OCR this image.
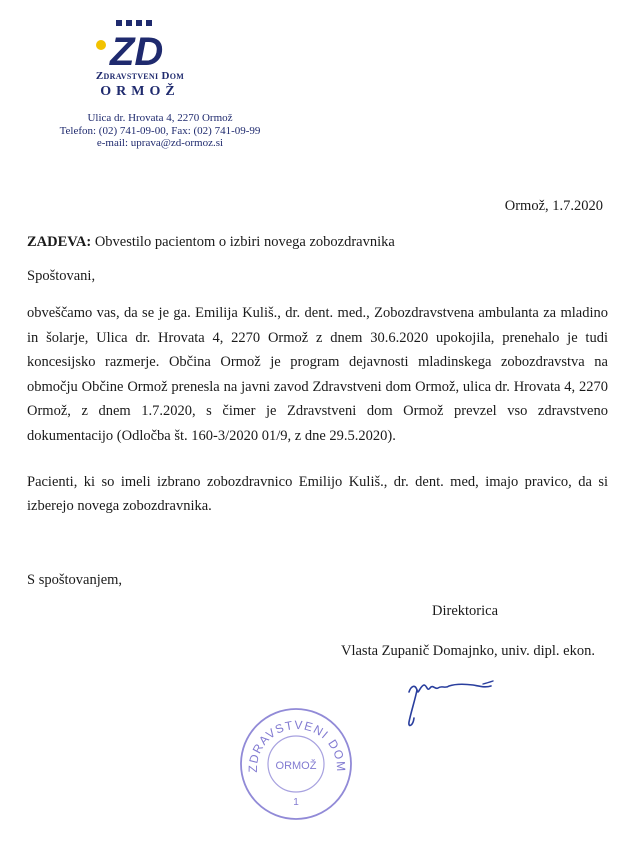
ZD
Zdravstveni Dom
ORMOŽ
Ulica dr. Hrovata 4, 2270 Ormož
Telefon: (02) 741-09-00, Fax: (02) 741-09-99
e-mail: uprava@zd-ormoz.si
Ormož, 1.7.2020
ZADEVA: Obvestilo pacientom o izbiri novega zobozdravnika
Spoštovani,
obveščamo vas, da se je ga. Emilija Kuliš., dr. dent. med., Zobozdravstvena ambulanta za mladino in šolarje, Ulica dr. Hrovata 4, 2270 Ormož z dnem 30.6.2020 upokojila, prenehalo je tudi koncesijsko razmerje. Občina Ormož je program dejavnosti mladinskega zobozdravstva na območju Občine Ormož prenesla na javni zavod Zdravstveni dom Ormož, ulica dr. Hrovata 4, 2270 Ormož, z dnem 1.7.2020, s čimer je Zdravstveni dom Ormož prevzel vso zdravstveno dokumentacijo (Odločba št. 160-3/2020 01/9, z dne 29.5.2020).
Pacienti, ki so imeli izbrano zobozdravnico Emilijo Kuliš., dr. dent. med, imajo pravico, da si izberejo novega zobozdravnika.
S spoštovanjem,
Direktorica
Vlasta Zupanič Domajnko, univ. dipl. ekon.
ZDRAVSTVENI DOM
ORMOŽ
1
